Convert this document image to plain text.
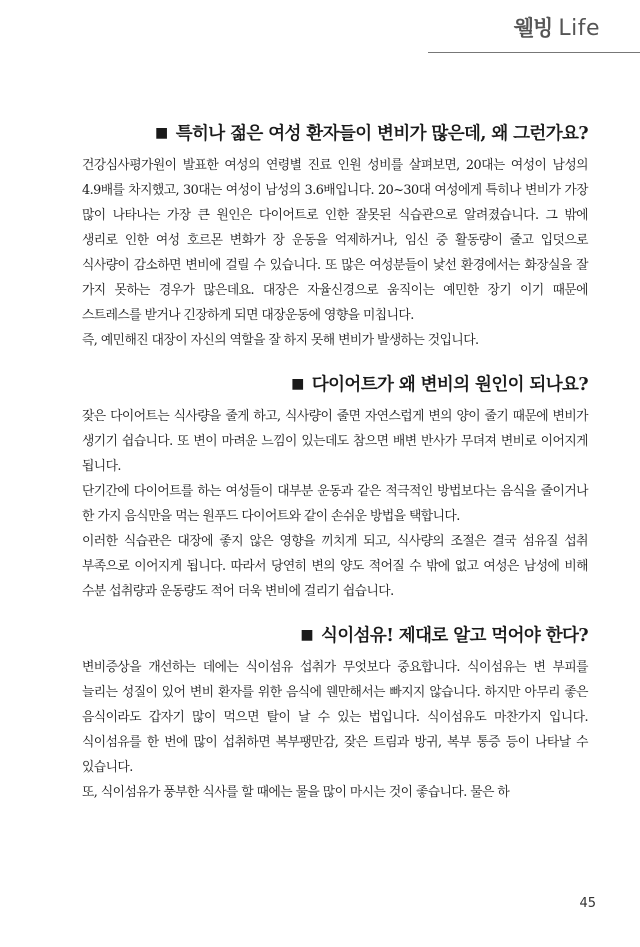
웰빙 Life
■ 특히나 젊은 여성 환자들이 변비가 많은데, 왜 그런가요?

건강심사평가원이 발표한 여성의 연령별 진료 인원 성비를 살펴보면, 20대는 여성이 남성의 4.9배를 차지했고, 30대는 여성이 남성의 3.6배입니다. 20~30대 여성에게 특히나 변비가 가장 많이 나타나는 가장 큰 원인은 다이어트로 인한 잘못된 식습관으로 알려졌습니다. 그 밖에 생리로 인한 여성 호르몬 변화가 장 운동을 억제하거나, 임신 중 활동량이 줄고 입덧으로 식사량이 감소하면 변비에 걸릴 수 있습니다. 또 많은 여성분들이 낯선 환경에서는 화장실을 잘 가지 못하는 경우가 많은데요. 대장은 자율신경으로 움직이는 예민한 장기 이기 때문에 스트레스를 받거나 긴장하게 되면 대장운동에 영향을 미칩니다.

즉, 예민해진 대장이 자신의 역할을 잘 하지 못해 변비가 발생하는 것입니다.

■ 다이어트가 왜 변비의 원인이 되나요?

잦은 다이어트는 식사량을 줄게 하고, 식사량이 줄면 자연스럽게 변의 양이 줄기 때문에 변비가 생기기 쉽습니다. 또 변이 마려운 느낌이 있는데도 참으면 배변 반사가 무뎌져 변비로 이어지게 됩니다.

단기간에 다이어트를 하는 여성들이 대부분 운동과 같은 적극적인 방법보다는 음식을 줄이거나 한 가지 음식만을 먹는 원푸드 다이어트와 같이 손쉬운 방법을 택합니다.

이러한 식습관은 대장에 좋지 않은 영향을 끼치게 되고, 식사량의 조절은 결국 섬유질 섭취 부족으로 이어지게 됩니다. 따라서 당연히 변의 양도 적어질 수 밖에 없고 여성은 남성에 비해 수분 섭취량과 운동량도 적어 더욱 변비에 걸리기 쉽습니다.

■ 식이섬유! 제대로 알고 먹어야 한다?

변비증상을 개선하는 데에는 식이섬유 섭취가 무엇보다 중요합니다. 식이섬유는 변 부피를 늘리는 성질이 있어 변비 환자를 위한 음식에 웬만해서는 빠지지 않습니다. 하지만 아무리 좋은 음식이라도 갑자기 많이 먹으면 탈이 날 수 있는 법입니다. 식이섬유도 마찬가지 입니다. 식이섬유를 한 번에 많이 섭취하면 복부팽만감, 잦은 트림과 방귀, 복부 통증 등이 나타날 수 있습니다.

또, 식이섬유가 풍부한 식사를 할 때에는 물을 많이 마시는 것이 좋습니다. 물은 하

45
